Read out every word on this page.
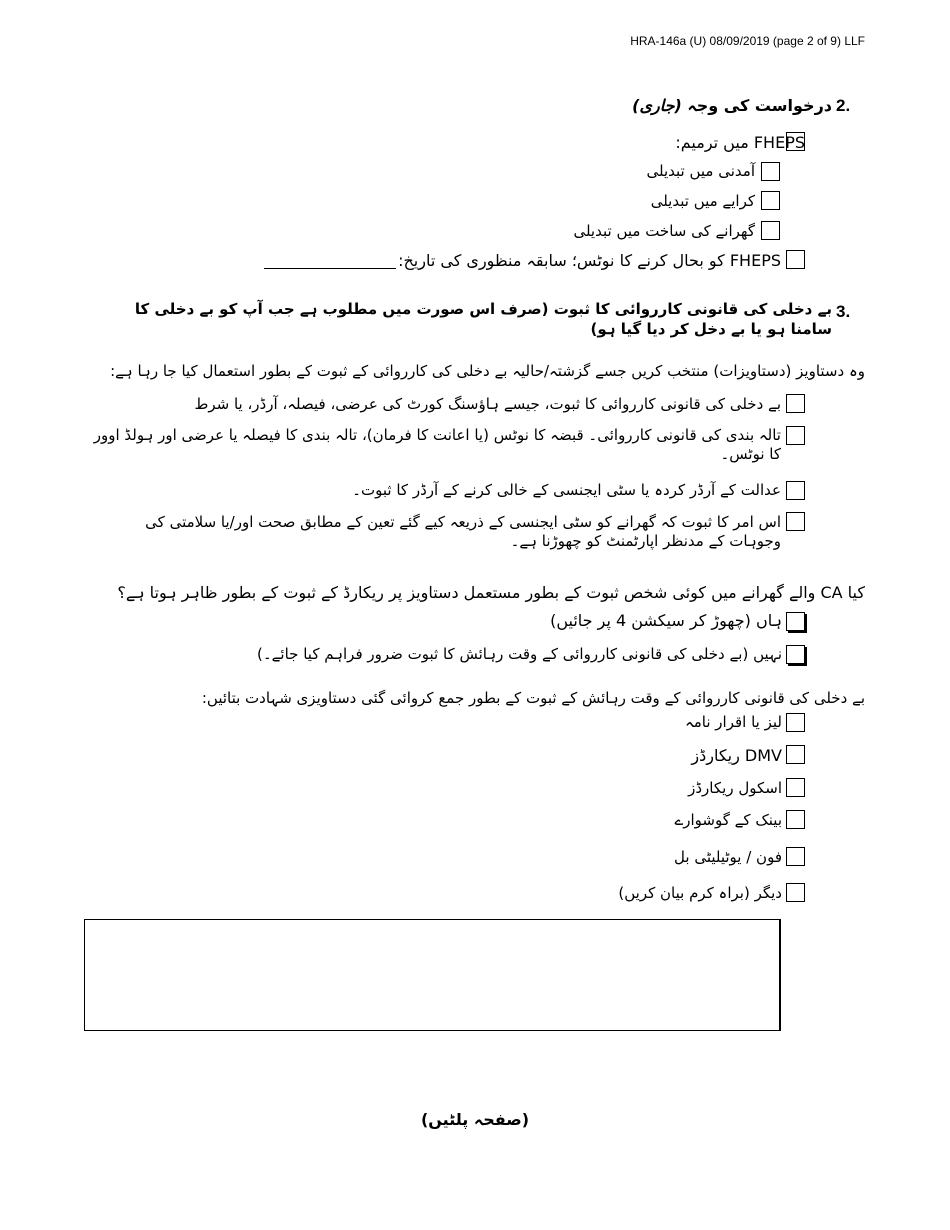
HRA-146a (U) 08/09/2019 (page 2 of 9) LLF
2.
درخواست کی وجہ (جاری)
FHEPS میں ترمیم:
آمدنی میں تبدیلی
کرایے میں تبدیلی
گھرانے کی ساخت میں تبدیلی
FHEPS کو بحال کرنے کا نوٹس؛ سابقہ منظوری کی تاریخ:
3.
بے دخلی کی قانونی کارروائی کا ثبوت (صرف اس صورت میں مطلوب ہے جب آپ کو بے دخلی کا سامنا ہو یا بے دخل کر دیا گیا ہو)
وہ دستاویز (دستاویزات) منتخب کریں جسے گزشتہ/حالیہ بے دخلی کی کارروائی کے ثبوت کے بطور استعمال کیا جا رہا ہے:
بے دخلی کی قانونی کارروائی کا ثبوت، جیسے ہاؤسنگ کورٹ کی عرضی، فیصلہ، آرڈر، یا شرط
تالہ بندی کی قانونی کارروائی۔ قبضہ کا نوٹس (یا اعانت کا فرمان)، تالہ بندی کا فیصلہ یا عرضی اور ہولڈ اوور کا نوٹس۔
عدالت کے آرڈر کردہ یا سٹی ایجنسی کے خالی کرنے کے آرڈر کا ثبوت۔
اس امر کا ثبوت کہ گھرانے کو سٹی ایجنسی کے ذریعہ کیے گئے تعین کے مطابق صحت اور/یا سلامتی کی وجوہات کے مدنظر اپارٹمنٹ کو چھوڑنا ہے۔
کیا CA والے گھرانے میں کوئی شخص ثبوت کے بطور مستعمل دستاویز پر ریکارڈ کے ثبوت کے بطور ظاہر ہوتا ہے؟
ہاں (چھوڑ کر سیکشن 4 پر جائیں)
نہیں (بے دخلی کی قانونی کارروائی کے وقت رہائش کا ثبوت ضرور فراہم کیا جائے۔)
بے دخلی کی قانونی کارروائی کے وقت رہائش کے ثبوت کے بطور جمع کروائی گئی دستاویزی شہادت بتائیں:
لیز یا اقرار نامہ
DMV ریکارڈز
اسکول ریکارڈز
بینک کے گوشوارے
فون / یوٹیلیٹی بل
دیگر (براہ کرم بیان کریں)
(صفحہ پلٹیں)
